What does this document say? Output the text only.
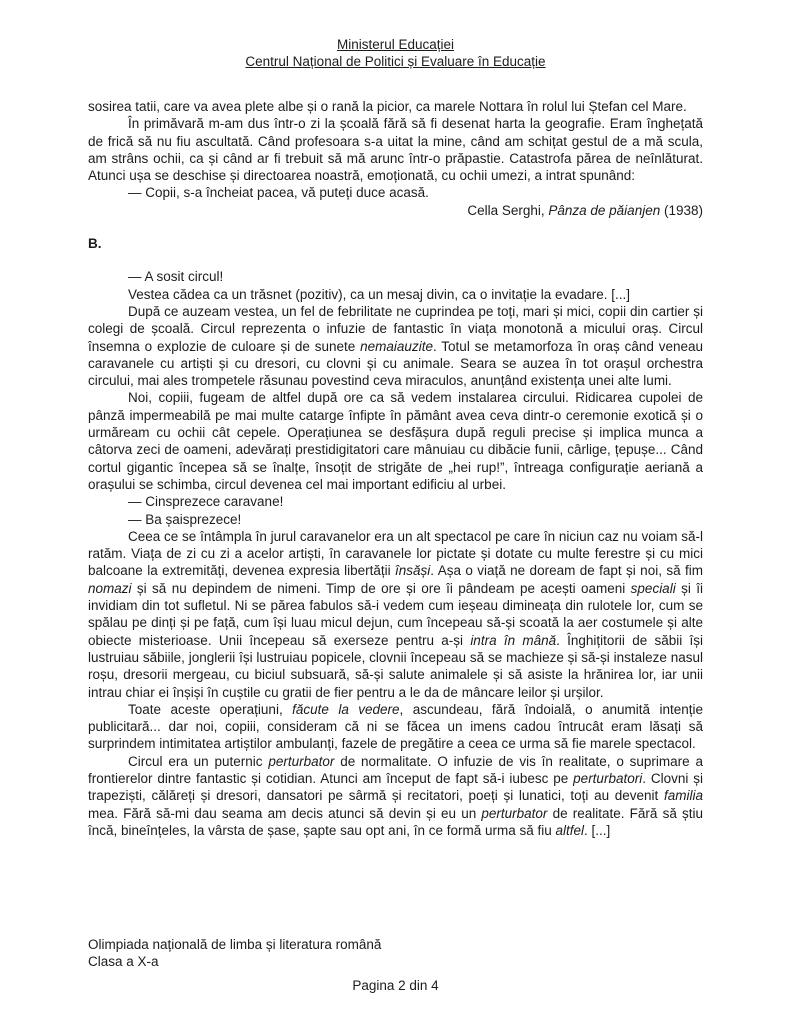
Ministerul Educației
Centrul Național de Politici și Evaluare în Educație

sosirea tatii, care va avea plete albe și o rană la picior, ca marele Nottara în rolul lui Ștefan cel Mare.

În primăvară m-am dus într-o zi la școală fără să fi desenat harta la geografie. Eram înghețată de frică să nu fiu ascultată. Când profesoara s-a uitat la mine, când am schițat gestul de a mă scula, am strâns ochii, ca și când ar fi trebuit să mă arunc într-o prăpastie. Catastrofa părea de neînlăturat. Atunci ușa se deschise și directoarea noastră, emoționată, cu ochii umezi, a intrat spunând:

— Copii, s-a încheiat pacea, vă puteți duce acasă.

Cella Serghi, Pânza de păianjen (1938)

B.

— A sosit circul!

Vestea cădea ca un trăsnet (pozitiv), ca un mesaj divin, ca o invitație la evadare. [...]

După ce auzeam vestea, un fel de febrilitate ne cuprindea pe toți, mari și mici, copii din cartier și colegi de școală. Circul reprezenta o infuzie de fantastic în viața monotonă a micului oraș. Circul însemna o explozie de culoare și de sunete nemaiauzite. Totul se metamorfoza în oraș când veneau caravanele cu artiști și cu dresori, cu clovni și cu animale. Seara se auzea în tot orașul orchestra circului, mai ales trompetele răsunau povestind ceva miraculos, anunțând existența unei alte lumi.

Noi, copiii, fugeam de altfel după ore ca să vedem instalarea circului. Ridicarea cupolei de pânză impermeabilă pe mai multe catarge înfipte în pământ avea ceva dintr-o ceremonie exotică și o urmăream cu ochii cât cepele. Operațiunea se desfășura după reguli precise și implica munca a câtorva zeci de oameni, adevărați prestidigitatori care mânuiau cu dibăcie funii, cârlige, țepușe... Când cortul gigantic începea să se înalțe, însoțit de strigăte de „hei rup!”, întreaga configurație aeriană a orașului se schimba, circul devenea cel mai important edificiu al urbei.

— Cinsprezece caravane!

— Ba șaisprezece!

Ceea ce se întâmpla în jurul caravanelor era un alt spectacol pe care în niciun caz nu voiam să-l ratăm. Viața de zi cu zi a acelor artiști, în caravanele lor pictate și dotate cu multe ferestre și cu mici balcoane la extremități, devenea expresia libertății însăși. Așa o viață ne doream de fapt și noi, să fim nomazi și să nu depindem de nimeni. Timp de ore și ore îi pândeam pe acești oameni speciali și îi invidiam din tot sufletul. Ni se părea fabulos să-i vedem cum ieșeau dimineața din rulotele lor, cum se spălau pe dinți și pe față, cum își luau micul dejun, cum începeau să-și scoată la aer costumele și alte obiecte misterioase. Unii începeau să exerseze pentru a-și intra în mână. Înghițitorii de săbii își lustruiau săbiile, jonglerii își lustruiau popicele, clovnii începeau să se machieze și să-și instaleze nasul roșu, dresorii mergeau, cu biciul subsuară, să-și salute animalele și să asiste la hrănirea lor, iar unii intrau chiar ei înșiși în cuștile cu gratii de fier pentru a le da de mâncare leilor și urșilor.

Toate aceste operațiuni, făcute la vedere, ascundeau, fără îndoială, o anumită intenție publicitară... dar noi, copiii, consideram că ni se făcea un imens cadou întrucât eram lăsați să surprindem intimitatea artiștilor ambulanți, fazele de pregătire a ceea ce urma să fie marele spectacol.

Circul era un puternic perturbator de normalitate. O infuzie de vis în realitate, o suprimare a frontierelor dintre fantastic și cotidian. Atunci am început de fapt să-i iubesc pe perturbatori. Clovni și trapeziști, călăreți și dresori, dansatori pe sârmă și recitatori, poeți și lunatici, toți au devenit familia mea. Fără să-mi dau seama am decis atunci să devin și eu un perturbator de realitate. Fără să știu încă, bineînțeles, la vârsta de șase, șapte sau opt ani, în ce formă urma să fiu altfel. [...]

Olimpiada națională de limba și literatura română
Clasa a X-a
Pagina 2 din 4
